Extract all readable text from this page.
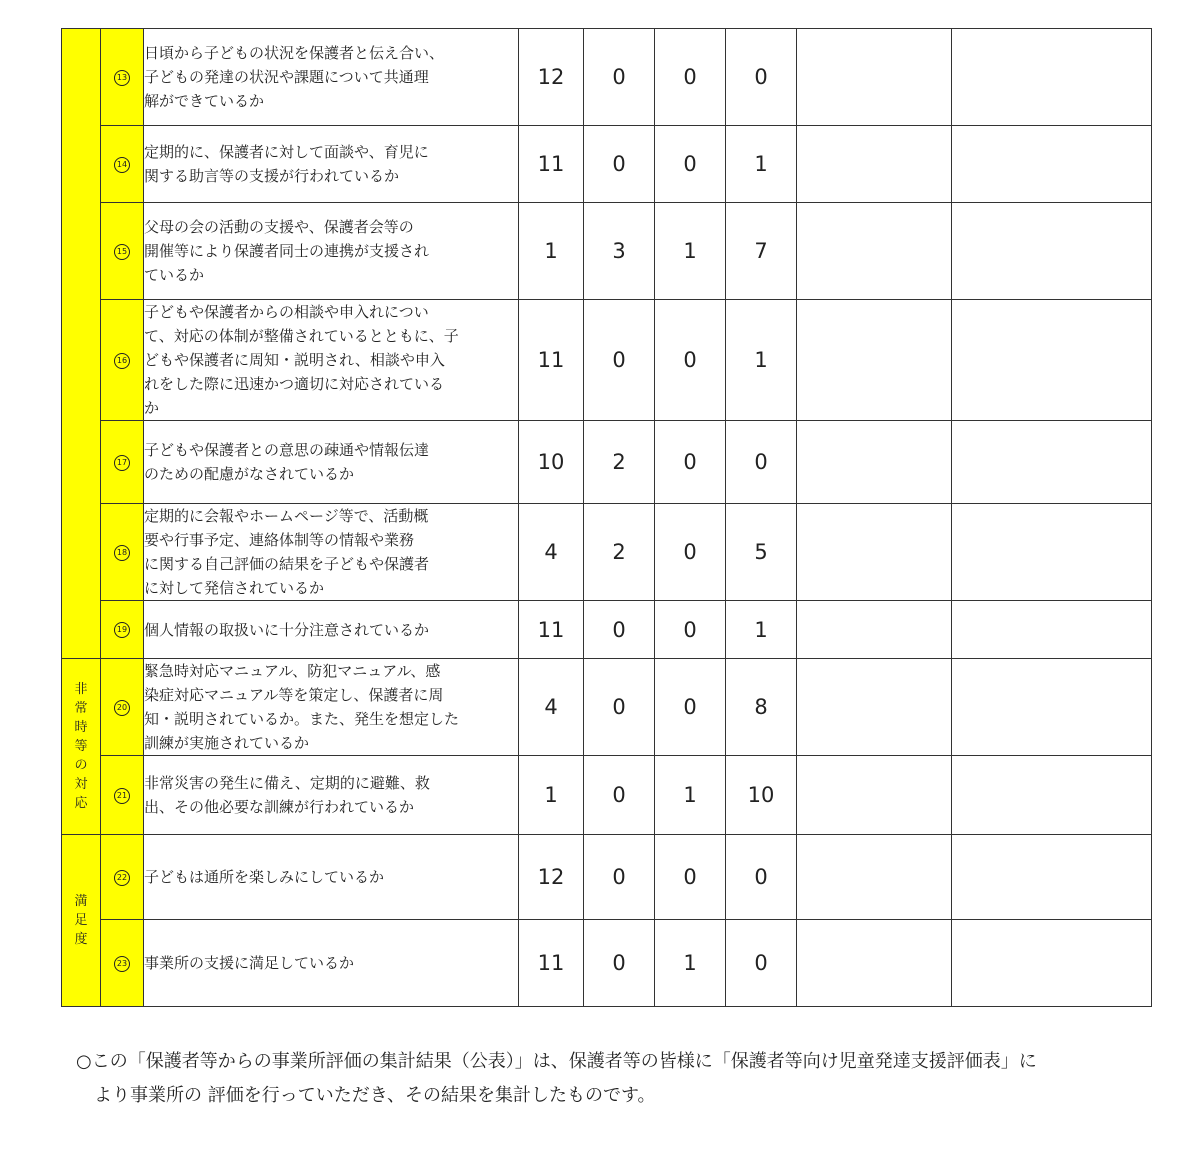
	13	日頃から子どもの状況を保護者と伝え合い、
子どもの発達の状況や課題について共通理
解ができているか	12	0	0	0		
	14	定期的に、保護者に対して面談や、育児に
関する助言等の支援が行われているか	11	0	0	1		
	15	父母の会の活動の支援や、保護者会等の
開催等により保護者同士の連携が支援され
ているか	1	3	1	7		
	16	子どもや保護者からの相談や申入れについ
て、対応の体制が整備されているとともに、子
どもや保護者に周知・説明され、相談や申入
れをした際に迅速かつ適切に対応されている
か	11	0	0	1		
	17	子どもや保護者との意思の疎通や情報伝達
のための配慮がなされているか	10	2	0	0		
	18	定期的に会報やホームページ等で、活動概
要や行事予定、連絡体制等の情報や業務
に関する自己評価の結果を子どもや保護者
に対して発信されているか	4	2	0	5		
	19	個人情報の取扱いに十分注意されているか	11	0	0	1		
非常時等の対応	20	緊急時対応マニュアル、防犯マニュアル、感
染症対応マニュアル等を策定し、保護者に周
知・説明されているか。また、発生を想定した
訓練が実施されているか	4	0	0	8		
	21	非常災害の発生に備え、定期的に避難、救
出、その他必要な訓練が行われているか	1	0	1	10		
満足度	22	子どもは通所を楽しみにしているか	12	0	0	0		
	23	事業所の支援に満足しているか	11	0	1	0		

○この「保護者等からの事業所評価の集計結果（公表）」は、保護者等の皆様に「保護者等向け児童発達支援評価表」に
　より事業所の 評価を行っていただき、その結果を集計したものです。
